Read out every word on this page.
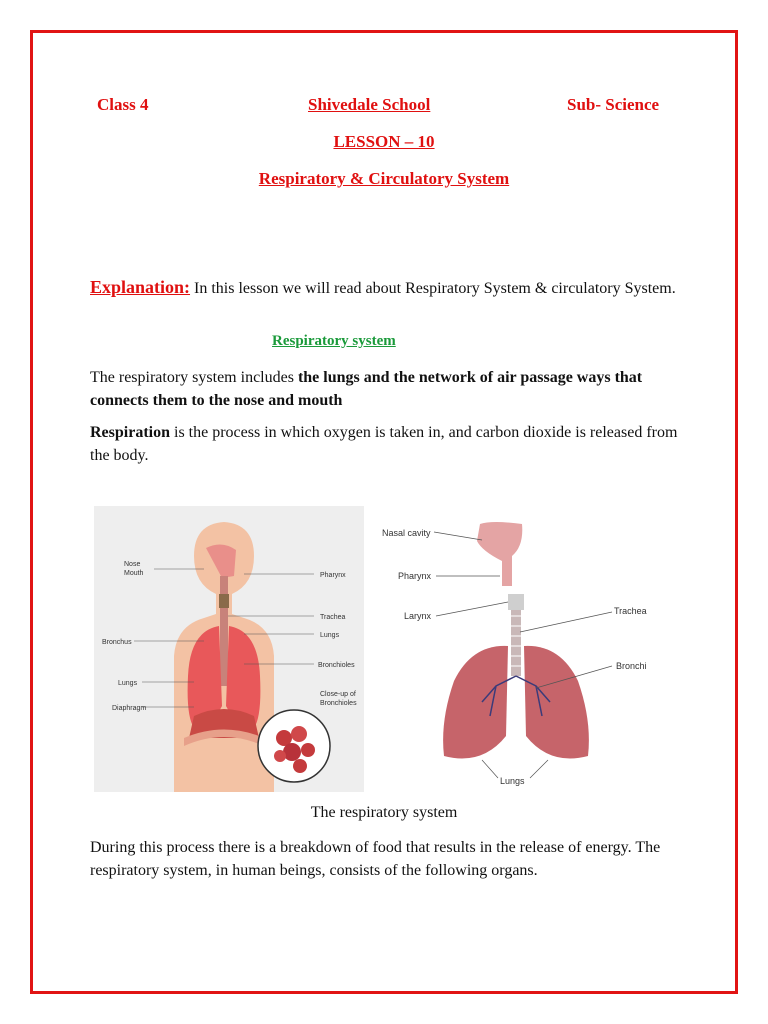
Class 4	Shivedale School	Sub- Science
LESSON – 10
Respiratory & Circulatory System
Explanation: In this lesson we will read about Respiratory System & circulatory System.
Respiratory system
The respiratory system includes the lungs and the network of air passage ways that connects them to the nose and mouth
Respiration is the process in which oxygen is taken in, and carbon dioxide is released from the body.
Nose
Mouth	Pharynx
Trachea
Lungs
Bronchus
Bronchioles
Lungs
Close-up of
Bronchioles
Diaphragm
Nasal cavity
Pharynx
Larynx	Trachea
Bronchi
Lungs
The respiratory system
During this process there is a breakdown of food that results in the release of energy. The respiratory system, in human beings, consists of the following organs.
